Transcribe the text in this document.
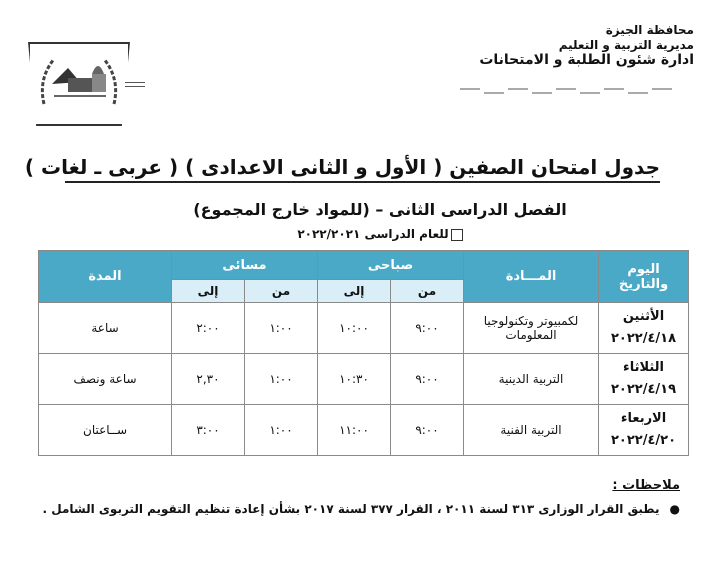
محافظة الجيزة
مديرية التربية و التعليم
ادارة شئون الطلبة و الامتحانات
جدول امتحان الصفين ( الأول و الثانى الاعدادى ) ( عربى ـ لغات )
الفصل الدراسى الثانى – (للمواد خارج المجموع)
للعام الدراسى ٢٠٢٢/٢٠٢١
اليوم
والتاريخ	المـــادة	صباحى		مسائى		المدة
		من	إلى	من	إلى	

الأثنين
٢٠٢٢/٤/١٨	لكمبيوتر وتكنولوجيا المعلومات	٩:٠٠	١٠:٠٠	١:٠٠	٢:٠٠	ساعة

الثلاثاء
٢٠٢٢/٤/١٩	التربية الدينية	٩:٠٠	١٠:٣٠	١:٠٠	٢,٣٠	ساعة ونصف

الاربعاء
٢٠٢٢/٤/٢٠	التربية الفنية	٩:٠٠	١١:٠٠	١:٠٠	٣:٠٠	ســاعتان
ملاحظات :
●يطبق القرار الوزارى ٣١٣ لسنة ٢٠١١ ، القرار ٣٧٧ لسنة ٢٠١٧ بشأن إعادة تنظيم التقويم التربوى الشامل .
